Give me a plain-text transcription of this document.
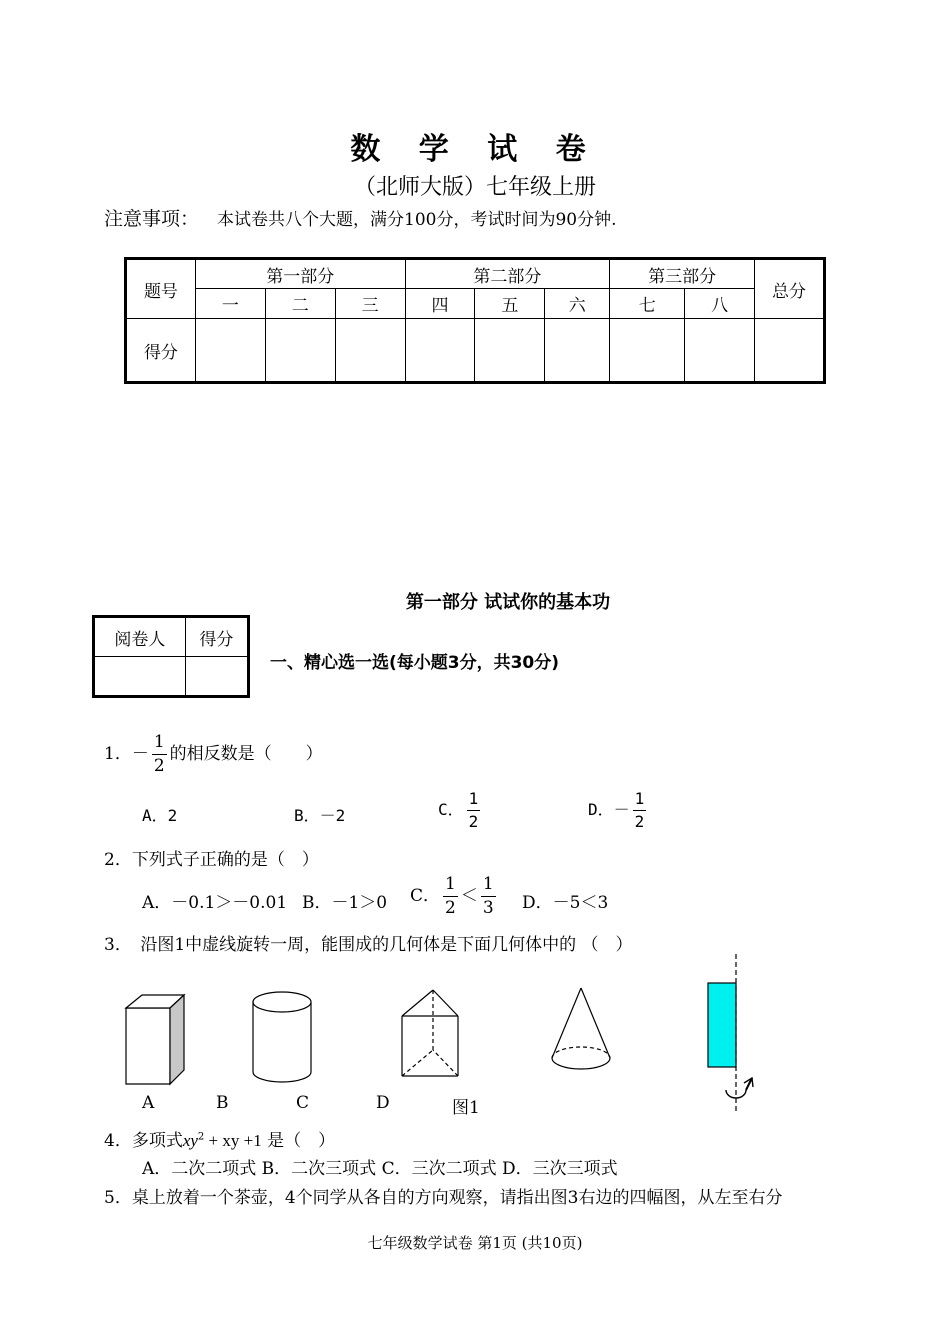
数 学 试 卷
（北师大版）七年级上册
注意事项： 本试卷共八个大题，满分100分，考试时间为90分钟.
题号	第一部分			第二部分			第三部分		总分
	一	二	三	四	五	六	七	八	
得分									
第一部分 试试你的基本功
阅卷人	得分

一、精心选一选(每小题3分，共30分)
1．－ $\frac{1}{2}$ 的相反数是（　　）
A．2	B．－2	C． $\frac{1}{2}$	D．－ $\frac{1}{2}$
2．下列式子正确的是（　）
A．－0.1＞－0.01 B．－1＞0 C． $\frac{1}{2} < \frac{1}{3}$ D．－5＜3
3．　沿图1中虚线旋转一周，能围成的几何体是下面几何体中的 （　）
A	B	C	D	图1
4．多项式$xy^2$ + xy +1 是（　）
A．二次二项式 B．二次三项式 C．三次二项式 D．三次三项式
5．桌上放着一个茶壶，4个同学从各自的方向观察，请指出图3右边的四幅图，从左至右分
七年级数学试卷 第1页 (共10页)
